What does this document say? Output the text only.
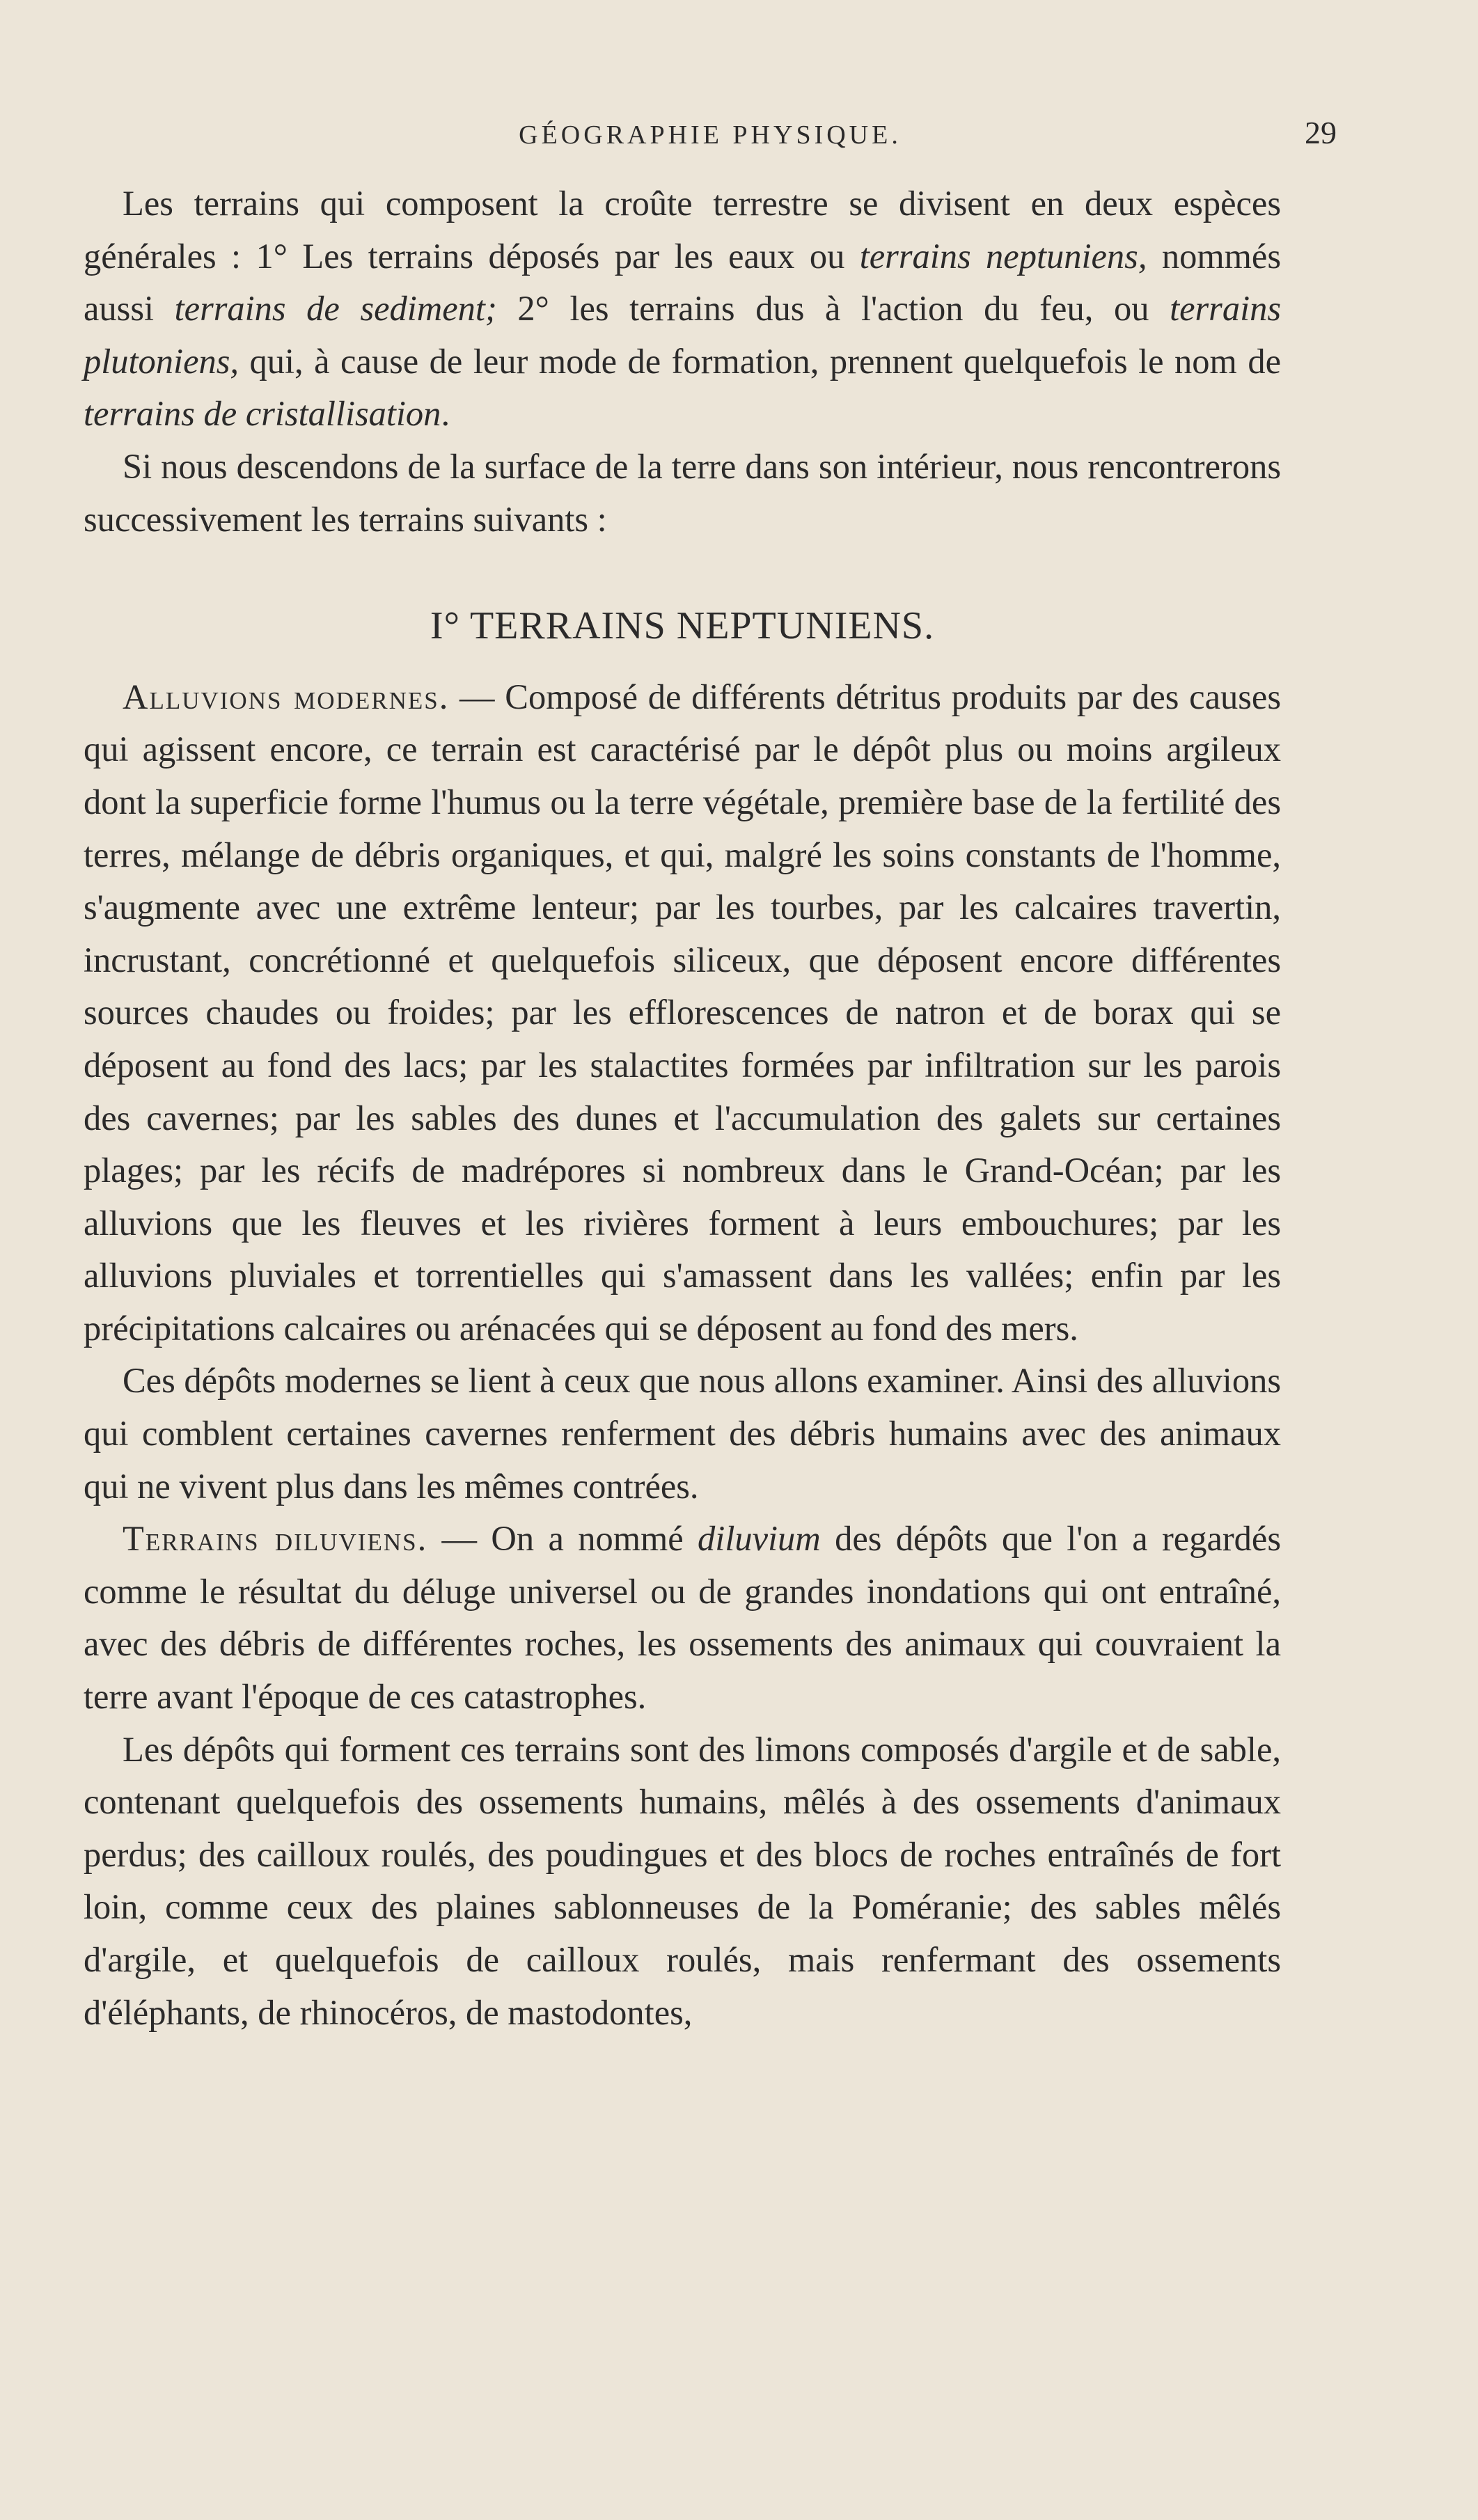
GÉOGRAPHIE PHYSIQUE.	29

Les terrains qui composent la croûte terrestre se divisent en deux espèces générales : 1° Les terrains déposés par les eaux ou terrains neptuniens, nommés aussi terrains de sediment; 2° les terrains dus à l'action du feu, ou terrains plutoniens, qui, à cause de leur mode de formation, prennent quelquefois le nom de terrains de cristallisation.

Si nous descendons de la surface de la terre dans son intérieur, nous rencontrerons successivement les terrains suivants :

I° TERRAINS NEPTUNIENS.

Alluvions modernes. — Composé de différents détritus produits par des causes qui agissent encore, ce terrain est caractérisé par le dépôt plus ou moins argileux dont la superficie forme l'humus ou la terre végétale, première base de la fertilité des terres, mélange de débris organiques, et qui, malgré les soins constants de l'homme, s'augmente avec une extrême lenteur; par les tourbes, par les calcaires travertin, incrustant, concrétionné et quelquefois siliceux, que déposent encore différentes sources chaudes ou froides; par les efflorescences de natron et de borax qui se déposent au fond des lacs; par les stalactites formées par infiltration sur les parois des cavernes; par les sables des dunes et l'accumulation des galets sur certaines plages; par les récifs de madrépores si nombreux dans le Grand-Océan; par les alluvions que les fleuves et les rivières forment à leurs embouchures; par les alluvions pluviales et torrentielles qui s'amassent dans les vallées; enfin par les précipitations calcaires ou arénacées qui se déposent au fond des mers.

Ces dépôts modernes se lient à ceux que nous allons examiner. Ainsi des alluvions qui comblent certaines cavernes renferment des débris humains avec des animaux qui ne vivent plus dans les mêmes contrées.

Terrains diluviens. — On a nommé diluvium des dépôts que l'on a regardés comme le résultat du déluge universel ou de grandes inondations qui ont entraîné, avec des débris de différentes roches, les ossements des animaux qui couvraient la terre avant l'époque de ces catastrophes.

Les dépôts qui forment ces terrains sont des limons composés d'argile et de sable, contenant quelquefois des ossements humains, mêlés à des ossements d'animaux perdus; des cailloux roulés, des poudingues et des blocs de roches entraînés de fort loin, comme ceux des plaines sablonneuses de la Poméranie; des sables mêlés d'argile, et quelquefois de cailloux roulés, mais renfermant des ossements d'éléphants, de rhinocéros, de mastodontes,
